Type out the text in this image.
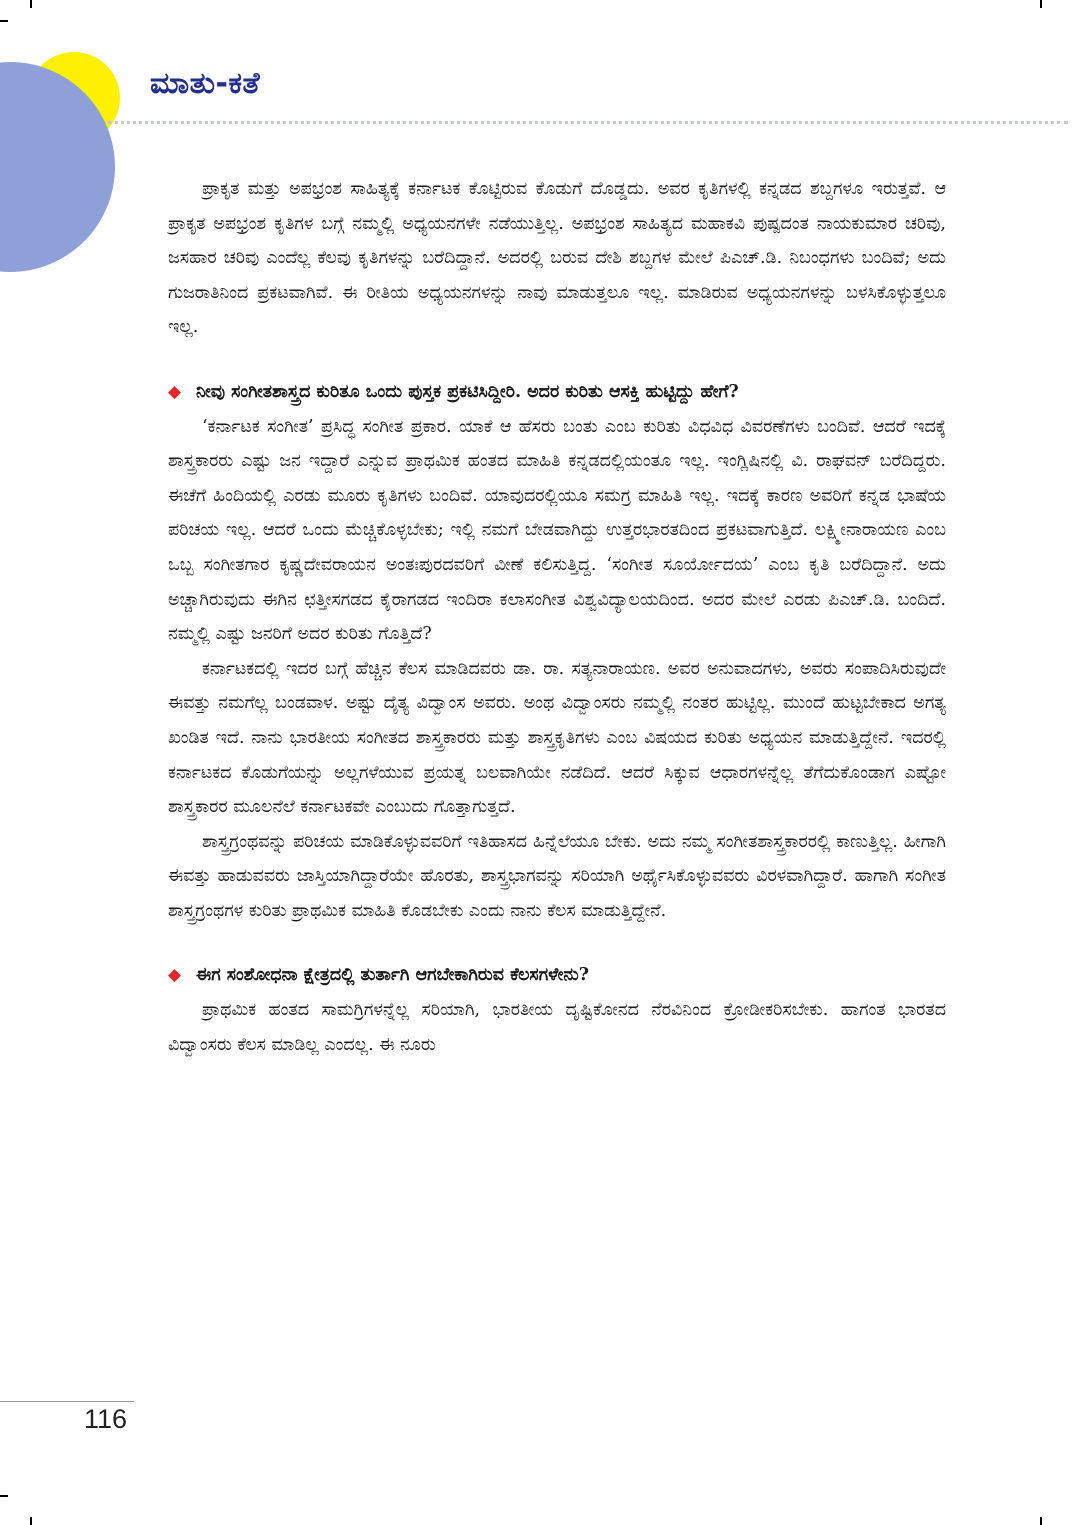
ಮಾತು-ಕತೆ

ಪ್ರಾಕೃತ ಮತ್ತು ಅಪಭ್ರಂಶ ಸಾಹಿತ್ಯಕ್ಕೆ ಕರ್ನಾಟಕ ಕೊಟ್ಟಿರುವ ಕೊಡುಗೆ ದೊಡ್ಡದು. ಅವರ ಕೃತಿಗಳಲ್ಲಿ ಕನ್ನಡದ ಶಬ್ದಗಳೂ ಇರುತ್ತವೆ. ಆ ಪ್ರಾಕೃತ ಅಪಭ್ರಂಶ ಕೃತಿಗಳ ಬಗ್ಗೆ ನಮ್ಮಲ್ಲಿ ಅಧ್ಯಯನಗಳೇ ನಡೆಯುತ್ತಿಲ್ಲ. ಅಪಭ್ರಂಶ ಸಾಹಿತ್ಯದ ಮಹಾಕವಿ ಪುಷ್ಪದಂತ ನಾಯಕುಮಾರ ಚರಿವು, ಜಸಹಾರ ಚರಿವು ಎಂದೆಲ್ಲ ಕೆಲವು ಕೃತಿಗಳನ್ನು ಬರೆದಿದ್ದಾನೆ. ಅದರಲ್ಲಿ ಬರುವ ದೇಶಿ ಶಬ್ದಗಳ ಮೇಲೆ ಪಿಎಚ್.ಡಿ. ನಿಬಂಧಗಳು ಬಂದಿವೆ; ಅದು ಗುಜರಾತಿನಿಂದ ಪ್ರಕಟವಾಗಿವೆ. ಈ ರೀತಿಯ ಅಧ್ಯಯನಗಳನ್ನು ನಾವು ಮಾಡುತ್ತಲೂ ಇಲ್ಲ. ಮಾಡಿರುವ ಅಧ್ಯಯನಗಳನ್ನು ಬಳಸಿಕೊಳ್ಳುತ್ತಲೂ ಇಲ್ಲ.

◆ ನೀವು ಸಂಗೀತಶಾಸ್ತ್ರದ ಕುರಿತೂ ಒಂದು ಪುಸ್ತಕ ಪ್ರಕಟಿಸಿದ್ದೀರಿ. ಅದರ ಕುರಿತು ಆಸಕ್ತಿ ಹುಟ್ಟಿದ್ದು ಹೇಗೆ?

‘ಕರ್ನಾಟಕ ಸಂಗೀತ’ ಪ್ರಸಿದ್ಧ ಸಂಗೀತ ಪ್ರಕಾರ. ಯಾಕೆ ಆ ಹೆಸರು ಬಂತು ಎಂಬ ಕುರಿತು ವಿಧವಿಧ ವಿವರಣೆಗಳು ಬಂದಿವೆ. ಆದರೆ ಇದಕ್ಕೆ ಶಾಸ್ತ್ರಕಾರರು ಎಷ್ಟು ಜನ ಇದ್ದಾರೆ ಎನ್ನುವ ಪ್ರಾಥಮಿಕ ಹಂತದ ಮಾಹಿತಿ ಕನ್ನಡದಲ್ಲಿಯಂತೂ ಇಲ್ಲ. ಇಂಗ್ಲಿಷಿನಲ್ಲಿ ವಿ. ರಾಘವನ್ ಬರೆದಿದ್ದರು. ಈಚೆಗೆ ಹಿಂದಿಯಲ್ಲಿ ಎರಡು ಮೂರು ಕೃತಿಗಳು ಬಂದಿವೆ. ಯಾವುದರಲ್ಲಿಯೂ ಸಮಗ್ರ ಮಾಹಿತಿ ಇಲ್ಲ. ಇದಕ್ಕೆ ಕಾರಣ ಅವರಿಗೆ ಕನ್ನಡ ಭಾಷೆಯ ಪರಿಚಯ ಇಲ್ಲ. ಆದರೆ ಒಂದು ಮೆಚ್ಚಿಕೊಳ್ಳಬೇಕು; ಇಲ್ಲಿ ನಮಗೆ ಬೇಡವಾಗಿದ್ದು ಉತ್ತರಭಾರತದಿಂದ ಪ್ರಕಟವಾಗುತ್ತಿದೆ. ಲಕ್ಷ್ಮೀನಾರಾಯಣ ಎಂಬ ಒಬ್ಬ ಸಂಗೀತಗಾರ ಕೃಷ್ಣದೇವರಾಯನ ಅಂತಃಪುರದವರಿಗೆ ವೀಣೆ ಕಲಿಸುತ್ತಿದ್ದ. ‘ಸಂಗೀತ ಸೂರ್ಯೋದಯ’ ಎಂಬ ಕೃತಿ ಬರೆದಿದ್ದಾನೆ. ಅದು ಅಚ್ಚಾಗಿರುವುದು ಈಗಿನ ಛತ್ತೀಸಗಡದ ಕೈರಾಗಡದ ಇಂದಿರಾ ಕಲಾಸಂಗೀತ ವಿಶ್ವವಿದ್ಯಾಲಯದಿಂದ. ಅದರ ಮೇಲೆ ಎರಡು ಪಿಎಚ್.ಡಿ. ಬಂದಿದೆ. ನಮ್ಮಲ್ಲಿ ಎಷ್ಟು ಜನರಿಗೆ ಅದರ ಕುರಿತು ಗೊತ್ತಿದೆ?

ಕರ್ನಾಟಕದಲ್ಲಿ ಇದರ ಬಗ್ಗೆ ಹೆಚ್ಚಿನ ಕೆಲಸ ಮಾಡಿದವರು ಡಾ. ರಾ. ಸತ್ಯನಾರಾಯಣ. ಅವರ ಅನುವಾದಗಳು, ಅವರು ಸಂಪಾದಿಸಿರುವುದೇ ಈವತ್ತು ನಮಗೆಲ್ಲ ಬಂಡವಾಳ. ಅಷ್ಟು ದೈತ್ಯ ವಿದ್ವಾಂಸ ಅವರು. ಅಂಥ ವಿದ್ವಾಂಸರು ನಮ್ಮಲ್ಲಿ ನಂತರ ಹುಟ್ಟಿಲ್ಲ. ಮುಂದೆ ಹುಟ್ಟಬೇಕಾದ ಅಗತ್ಯ ಖಂಡಿತ ಇದೆ. ನಾನು ಭಾರತೀಯ ಸಂಗೀತದ ಶಾಸ್ತ್ರಕಾರರು ಮತ್ತು ಶಾಸ್ತ್ರಕೃತಿಗಳು ಎಂಬ ವಿಷಯದ ಕುರಿತು ಅಧ್ಯಯನ ಮಾಡುತ್ತಿದ್ದೇನೆ. ಇದರಲ್ಲಿ ಕರ್ನಾಟಕದ ಕೊಡುಗೆಯನ್ನು ಅಲ್ಲಗಳೆಯುವ ಪ್ರಯತ್ನ ಬಲವಾಗಿಯೇ ನಡೆದಿದೆ. ಆದರೆ ಸಿಕ್ಕುವ ಆಧಾರಗಳನ್ನೆಲ್ಲ ತೆಗೆದುಕೊಂಡಾಗ ಎಷ್ಟೋ ಶಾಸ್ತ್ರಕಾರರ ಮೂಲನೆಲೆ ಕರ್ನಾಟಕವೇ ಎಂಬುದು ಗೊತ್ತಾಗುತ್ತದೆ.

ಶಾಸ್ತ್ರಗ್ರಂಥವನ್ನು ಪರಿಚಯ ಮಾಡಿಕೊಳ್ಳುವವರಿಗೆ ಇತಿಹಾಸದ ಹಿನ್ನೆಲೆಯೂ ಬೇಕು. ಅದು ನಮ್ಮ ಸಂಗೀತಶಾಸ್ತ್ರಕಾರರಲ್ಲಿ ಕಾಣುತ್ತಿಲ್ಲ. ಹೀಗಾಗಿ ಈವತ್ತು ಹಾಡುವವರು ಜಾಸ್ತಿಯಾಗಿದ್ದಾರೆಯೇ ಹೊರತು, ಶಾಸ್ತ್ರಭಾಗವನ್ನು ಸರಿಯಾಗಿ ಅರ್ಥೈಸಿಕೊಳ್ಳುವವರು ವಿರಳವಾಗಿದ್ದಾರೆ. ಹಾಗಾಗಿ ಸಂಗೀತ ಶಾಸ್ತ್ರಗ್ರಂಥಗಳ ಕುರಿತು ಪ್ರಾಥಮಿಕ ಮಾಹಿತಿ ಕೊಡಬೇಕು ಎಂದು ನಾನು ಕೆಲಸ ಮಾಡುತ್ತಿದ್ದೇನೆ.

◆ ಈಗ ಸಂಶೋಧನಾ ಕ್ಷೇತ್ರದಲ್ಲಿ ತುರ್ತಾಗಿ ಆಗಬೇಕಾಗಿರುವ ಕೆಲಸಗಳೇನು?

ಪ್ರಾಥಮಿಕ ಹಂತದ ಸಾಮಗ್ರಿಗಳನ್ನೆಲ್ಲ ಸರಿಯಾಗಿ, ಭಾರತೀಯ ದೃಷ್ಟಿಕೋನದ ನೆರವಿನಿಂದ ಕ್ರೋಡೀಕರಿಸಬೇಕು. ಹಾಗಂತ ಭಾರತದ ವಿದ್ವಾಂಸರು ಕೆಲಸ ಮಾಡಿಲ್ಲ ಎಂದಲ್ಲ. ಈ ನೂರು

116
